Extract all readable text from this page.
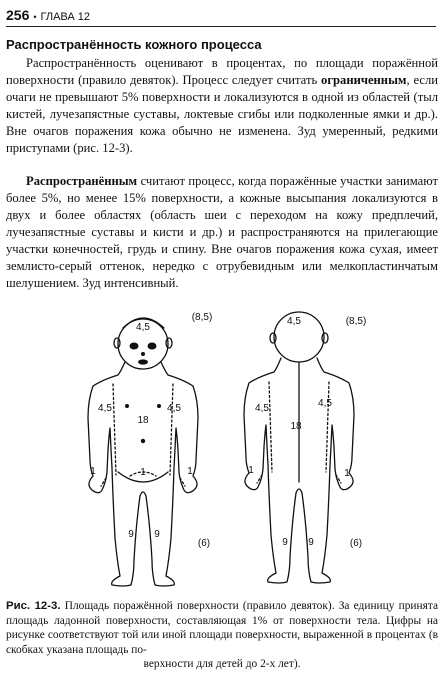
256 • ГЛАВА 12
Распространённость кожного процесса

Распространённость оценивают в процентах, по площади поражённой поверхности (правило девяток). Процесс следует считать ограниченным, если очаги не превышают 5% поверхности и локализуются в одной из областей (тыл кистей, лучезапястные суставы, локтевые сгибы или подколенные ямки и др.). Вне очагов поражения кожа обычно не изменена. Зуд умеренный, редкими приступами (рис. 12-3).

Распространённым считают процесс, когда поражённые участки занимают более 5%, но менее 15% поверхности, а кожные высыпания локализуются в двух и более областях (область шеи с переходом на кожу предплечий, лучезапястные суставы и кисти и др.) и распространяются на прилегающие участки конечностей, грудь и спину. Вне очагов поражения кожа сухая, имеет землисто-серый оттенок, нередко с отрубевидным или мелкопластинчатым шелушением. Зуд интенсивный.

4,5
(8,5)
4,5	4,5
18
1	1
1
9 9
(6)
4,5	(8,5)
4,5	4,5
18
1	1
9 9	(6)

Рис. 12-3. Площадь поражённой поверхности (правило девяток). За единицу принята площадь ладонной поверхности, составляющая 1% от поверхности тела. Цифры на рисунке соответствуют той или иной площади поверхности, выраженной в процентах (в скобках указана площадь по-
верхности для детей до 2-х лет).
